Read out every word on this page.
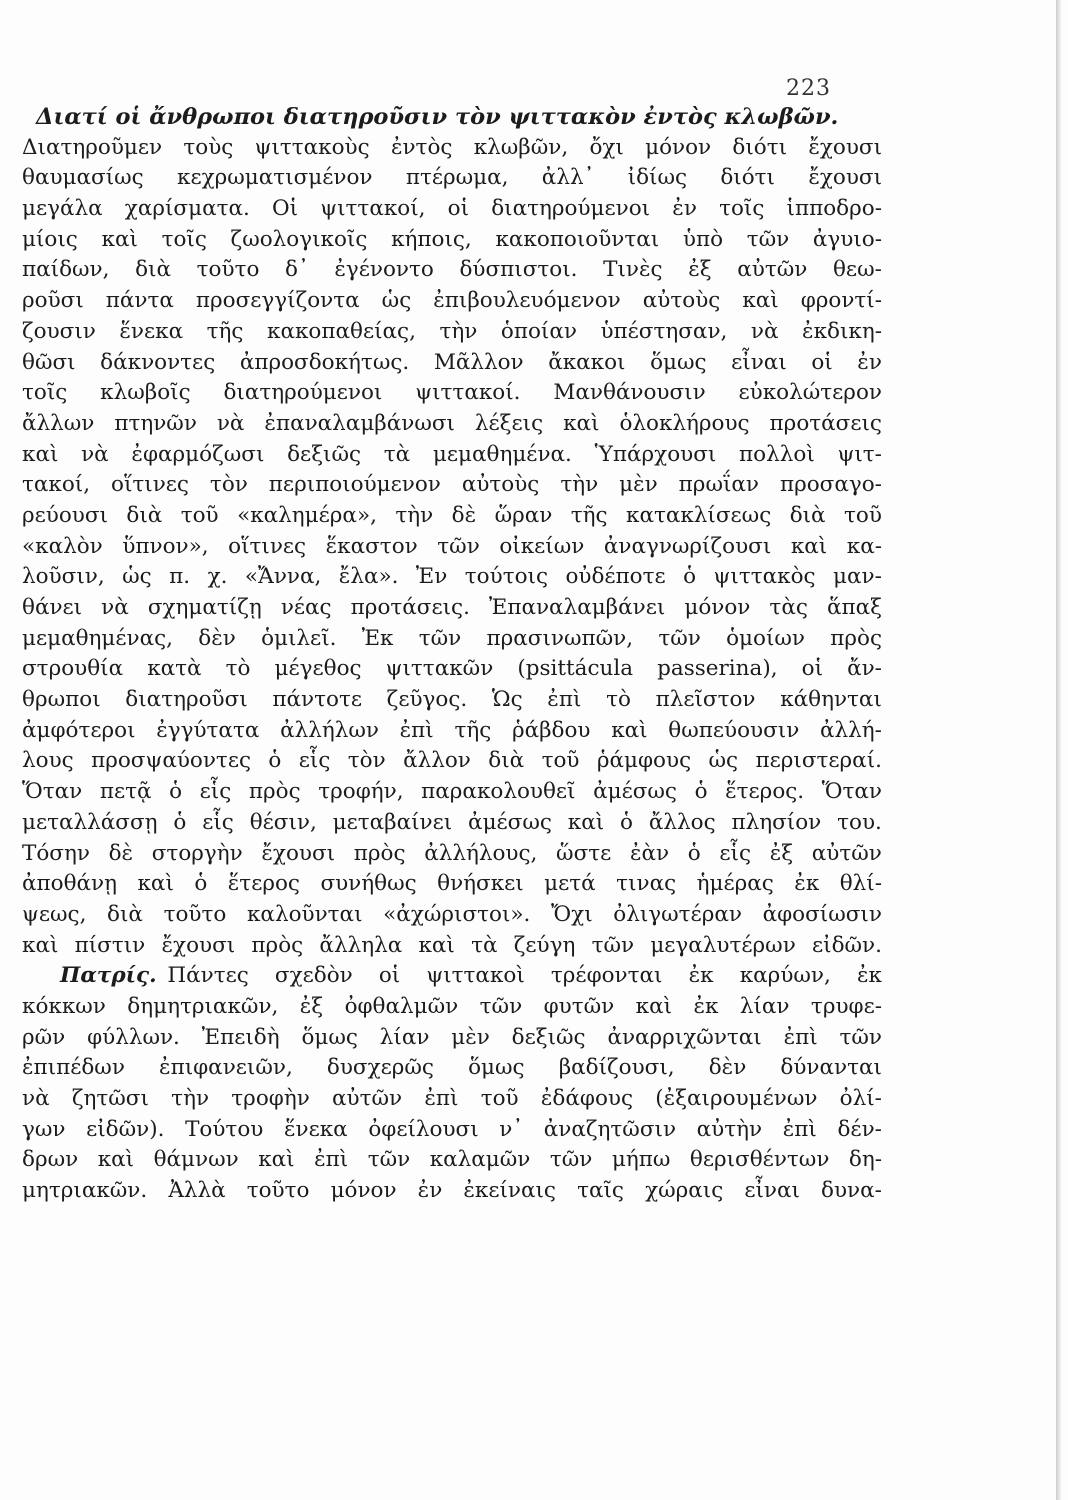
223
Διατί οἱ ἄνθρωποι διατηροῦσιν τὸν ψιττακὸν ἐντὸς κλωβῶν.
Διατηροῦμεν τοὺς ψιττακοὺς ἐντὸς κλωβῶν, ὄχι μόνον διότι ἔχουσι
θαυμασίως κεχρωματισμένον πτέρωμα, ἀλλ᾽ ἰδίως διότι ἔχουσι
μεγάλα χαρίσματα. Οἱ ψιττακοί, οἱ διατηρούμενοι ἐν τοῖς ἱπποδρο-
μίοις καὶ τοῖς ζωολογικοῖς κήποις, κακοποιοῦνται ὑπὸ τῶν ἀγυιο-
παίδων, διὰ τοῦτο δ᾽ ἐγένοντο δύσπιστοι. Τινὲς ἐξ αὐτῶν θεω-
ροῦσι πάντα προσεγγίζοντα ὡς ἐπιβουλευόμενον αὐτοὺς καὶ φροντί-
ζουσιν ἕνεκα τῆς κακοπαθείας, τὴν ὁποίαν ὑπέστησαν, νὰ ἐκδικη-
θῶσι δάκνοντες ἀπροσδοκήτως. Μᾶλλον ἄκακοι ὅμως εἶναι οἱ ἐν
τοῖς κλωβοῖς διατηρούμενοι ψιττακοί. Μανθάνουσιν εὐκολώτερον
ἄλλων πτηνῶν νὰ ἐπαναλαμβάνωσι λέξεις καὶ ὁλοκλήρους προτάσεις
καὶ νὰ ἐφαρμόζωσι δεξιῶς τὰ μεμαθημένα. Ὑπάρχουσι πολλοὶ ψιτ-
τακοί, οἵτινες τὸν περιποιούμενον αὐτοὺς τὴν μὲν πρωΐαν προσαγο-
ρεύουσι διὰ τοῦ «καλημέρα», τὴν δὲ ὥραν τῆς κατακλίσεως διὰ τοῦ
«καλὸν ὕπνον», οἵτινες ἕκαστον τῶν οἰκείων ἀναγνωρίζουσι καὶ κα-
λοῦσιν, ὡς π. χ. «Ἄννα, ἔλα». Ἐν τούτοις οὐδέποτε ὁ ψιττακὸς μαν-
θάνει νὰ σχηματίζῃ νέας προτάσεις. Ἐπαναλαμβάνει μόνον τὰς ἅπαξ
μεμαθημένας, δὲν ὁμιλεῖ. Ἐκ τῶν πρασινωπῶν, τῶν ὁμοίων πρὸς
στρουθία κατὰ τὸ μέγεθος ψιττακῶν (psittácula passerina), οἱ ἄν-
θρωποι διατηροῦσι πάντοτε ζεῦγος. Ὡς ἐπὶ τὸ πλεῖστον κάθηνται
ἀμφότεροι ἐγγύτατα ἀλλήλων ἐπὶ τῆς ῥάβδου καὶ θωπεύουσιν ἀλλή-
λους προσψαύοντες ὁ εἷς τὸν ἄλλον διὰ τοῦ ῥάμφους ὡς περιστεραί.
Ὅταν πετᾷ ὁ εἷς πρὸς τροφήν, παρακολουθεῖ ἀμέσως ὁ ἕτερος. Ὅταν
μεταλλάσσῃ ὁ εἷς θέσιν, μεταβαίνει ἀμέσως καὶ ὁ ἄλλος πλησίον του.
Τόσην δὲ στοργὴν ἔχουσι πρὸς ἀλλήλους, ὥστε ἐὰν ὁ εἷς ἐξ αὐτῶν
ἀποθάνῃ καὶ ὁ ἕτερος συνήθως θνήσκει μετά τινας ἡμέρας ἐκ θλί-
ψεως, διὰ τοῦτο καλοῦνται «ἀχώριστοι». Ὄχι ὀλιγωτέραν ἀφοσίωσιν
καὶ πίστιν ἔχουσι πρὸς ἄλληλα καὶ τὰ ζεύγη τῶν μεγαλυτέρων εἰδῶν.
Πατρίς. Πάντες σχεδὸν οἱ ψιττακοὶ τρέφονται ἐκ καρύων, ἐκ
κόκκων δημητριακῶν, ἐξ ὀφθαλμῶν τῶν φυτῶν καὶ ἐκ λίαν τρυφε-
ρῶν φύλλων. Ἐπειδὴ ὅμως λίαν μὲν δεξιῶς ἀναρριχῶνται ἐπὶ τῶν
ἐπιπέδων ἐπιφανειῶν, δυσχερῶς ὅμως βαδίζουσι, δὲν δύνανται
νὰ ζητῶσι τὴν τροφὴν αὐτῶν ἐπὶ τοῦ ἐδάφους (ἐξαιρουμένων ὀλί-
γων εἰδῶν). Τούτου ἕνεκα ὀφείλουσι ν᾽ ἀναζητῶσιν αὐτὴν ἐπὶ δέν-
δρων καὶ θάμνων καὶ ἐπὶ τῶν καλαμῶν τῶν μήπω θερισθέντων δη-
μητριακῶν. Ἀλλὰ τοῦτο μόνον ἐν ἐκείναις ταῖς χώραις εἶναι δυνα-
